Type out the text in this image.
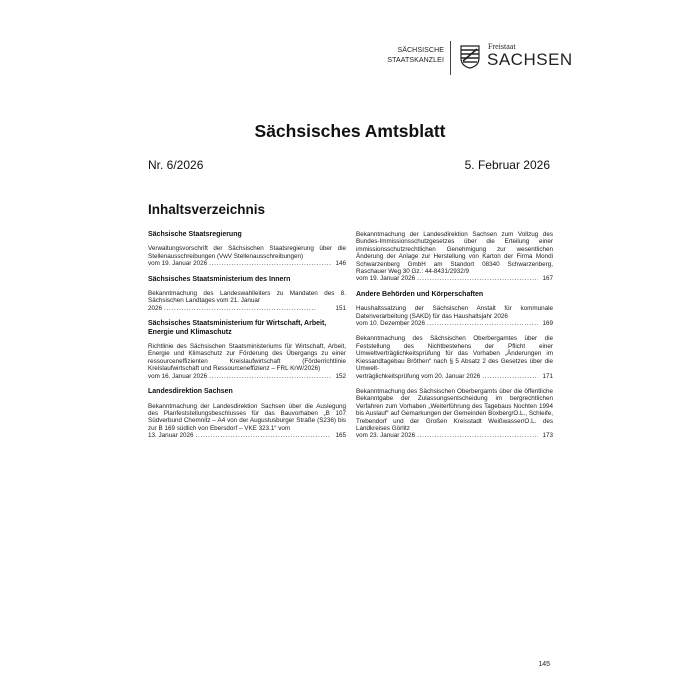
SÄCHSISCHE
STAATSKANZLEI
Freistaat
SACHSEN
Sächsisches Amtsblatt
Nr. 6/2026	5. Februar 2026
Inhaltsverzeichnis
Sächsische Staatsregierung
Verwaltungsvorschrift der Sächsischen Staatsregierung über die Stellenausschreibungen (VwV Stellenausschreibungen)
vom 19. Januar 2026 . . .	146
Sächsisches Staatsministerium des Innern
Bekanntmachung des Landeswahlleiters zu Mandaten des 8. Sächsischen Landtages vom 21. Januar
2026 . . .	151
Sächsisches Staatsministerium für Wirtschaft, Arbeit, Energie und Klimaschutz
Richtlinie des Sächsischen Staatsministeriums für Wirtschaft, Arbeit, Energie und Klimaschutz zur Förderung des Übergangs zu einer ressourceneffizienten Kreislaufwirtschaft (Förderrichtlinie Kreislaufwirtschaft und Ressourceneffizienz – FRL KrW/2026)
vom 16. Januar 2026 . . .	152
Landesdirektion Sachsen
Bekanntmachung der Landesdirektion Sachsen über die Auslegung des Planfeststellungsbeschlusses für das Bauvorhaben „B 107 Südverbund Chemnitz – A4 von der Augustusburger Straße (S236) bis zur B 169 südlich von Ebersdorf – VKE 323.1“ vom
13. Januar 2026 . . .	165
Bekanntmachung der Landesdirektion Sachsen zum Vollzug des Bundes-Immissionsschutzgesetzes über die Erteilung einer immissionsschutzrechtlichen Genehmigung zur wesentlichen Änderung der Anlage zur Herstellung von Karton der Firma Mondi Schwarzenberg GmbH am Standort 08340 Schwarzenberg, Raschauer Weg 30 Gz.: 44-8431/2932/9
vom 19. Januar 2026 . . .	167
Andere Behörden und Körperschaften
Haushaltssatzung der Sächsischen Anstalt für kommunale Datenverarbeitung (SAKD) für das Haushaltsjahr 2026
vom 10. Dezember 2026 . . .	169
Bekanntmachung des Sächsischen Oberbergamtes über die Feststellung des Nichtbestehens der Pflicht einer Umweltverträglichkeitsprüfung für das Vorhaben „Änderungen im Kiessandtagebau Brôthen“ nach § 5 Absatz 2 des Gesetzes über die Umwelt-
verträglichkeitsprüfung vom 20. Januar 2026 . . .	171
Bekanntmachung des Sächsischen Oberbergamts über die öffentliche Bekanntgabe der Zulassungsentscheidung im bergrechtlichen Verfahren zum Vorhaben „Weiterführung des Tagebaus Nochten 1994 bis Auslauf“ auf Gemarkungen der Gemeinden Boxberg/O.L., Schleife, Trebendorf und der Großen Kreisstadt Weißwasser/O.L. des Landkreises Görlitz
vom 23. Januar 2026 . . .	173
145
